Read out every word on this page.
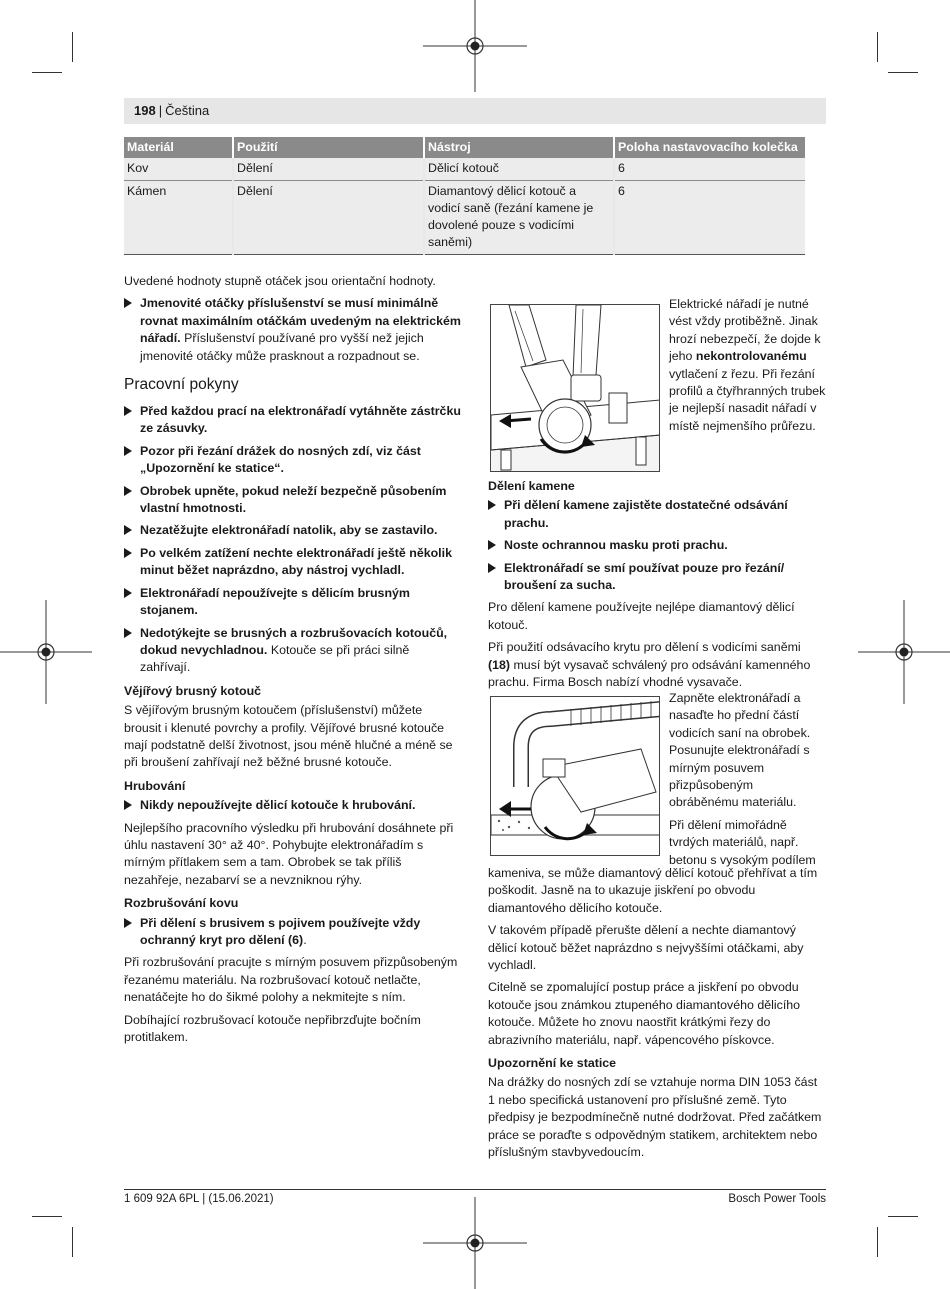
198 | Čeština
Materiál	Použití	Nástroj	Poloha nastavovacího kolečka
Kov	Dělení	Dělicí kotouč	6
Kámen	Dělení	Diamantový dělicí kotouč a vodicí saně (řezání kamene je dovolené pouze s vodicími saněmi)	6

Uvedené hodnoty stupně otáček jsou orientační hodnoty.

Jmenovité otáčky příslušenství se musí minimálně rovnat maximálním otáčkám uvedeným na elektrickém nářadí. Příslušenství používané pro vyšší než jejich jmenovité otáčky může prasknout a rozpadnout se.
Pracovní pokyny
Před každou prací na elektronářadí vytáhněte zástrčku ze zásuvky.
Pozor při řezání drážek do nosných zdí, viz část „Upozornění ke statice“.
Obrobek upněte, pokud neleží bezpečně působením vlastní hmotnosti.
Nezatěžujte elektronářadí natolik, aby se zastavilo.
Po velkém zatížení nechte elektronářadí ještě několik minut běžet naprázdno, aby nástroj vychladl.
Elektronářadí nepoužívejte s dělicím brusným stojanem.
Nedotýkejte se brusných a rozbrušovacích kotoučů, dokud nevychladnou. Kotouče se při práci silně zahřívají.
Vějířový brusný kotouč

S vějířovým brusným kotoučem (příslušenství) můžete brousit i klenuté povrchy a profily. Vějířové brusné kotouče mají podstatně delší životnost, jsou méně hlučné a méně se při broušení zahřívají než běžné brusné kotouče.

Hrubování
Nikdy nepoužívejte dělicí kotouče k hrubování.

Nejlepšího pracovního výsledku při hrubování dosáhnete při úhlu nastavení 30° až 40°. Pohybujte elektronářadím s mírným přítlakem sem a tam. Obrobek se tak příliš nezahřeje, nezabarví se a nevzniknou rýhy.

Rozbrušování kovu
Při dělení s brusivem s pojivem používejte vždy ochranný kryt pro dělení (6).

Při rozbrušování pracujte s mírným posuvem přizpůsobeným řezanému materiálu. Na rozbrušovací kotouč netlačte, nenatáčejte ho do šikmé polohy a nekmitejte s ním.

Dobíhající rozbrušovací kotouče nepřibrzďujte bočním protitlakem.

Elektrické nářadí je nutné vést vždy protiběžně. Jinak hrozí nebezpečí, že dojde k jeho nekontrolovanému vytlačení z řezu. Při řezání profilů a čtyřhranných trubek je nejlepší nasadit nářadí v místě nejmenšího průřezu.
Dělení kamene
Při dělení kamene zajistěte dostatečné odsávání prachu.
Noste ochrannou masku proti prachu.
Elektronářadí se smí používat pouze pro řezání/ broušení za sucha.

Pro dělení kamene používejte nejlépe diamantový dělicí kotouč.

Při použití odsávacího krytu pro dělení s vodicími saněmi (18) musí být vysavač schválený pro odsávání kamenného prachu. Firma Bosch nabízí vhodné vysavače.

Zapněte elektronářadí a nasaďte ho přední částí vodicích saní na obrobek. Posunujte elektronářadí s mírným posuvem přizpůsobeným obráběnému materiálu.

Při dělení mimořádně tvrdých materiálů, např. betonu s vysokým podílem

kameniva, se může diamantový dělicí kotouč přehřívat a tím poškodit. Jasně na to ukazuje jiskření po obvodu diamantového dělicího kotouče.

V takovém případě přerušte dělení a nechte diamantový dělicí kotouč běžet naprázdno s nejvyššími otáčkami, aby vychladl.

Citelně se zpomalující postup práce a jiskření po obvodu kotouče jsou známkou ztupeného diamantového dělicího kotouče. Můžete ho znovu naostřit krátkými řezy do abrazivního materiálu, např. vápencového pískovce.

Upozornění ke statice

Na drážky do nosných zdí se vztahuje norma DIN 1053 část 1 nebo specifická ustanovení pro příslušné země. Tyto předpisy je bezpodmínečně nutné dodržovat. Před začátkem práce se poraďte s odpovědným statikem, architektem nebo příslušným stavbyvedoucím.

1 609 92A 6PL | (15.06.2021)	Bosch Power Tools
